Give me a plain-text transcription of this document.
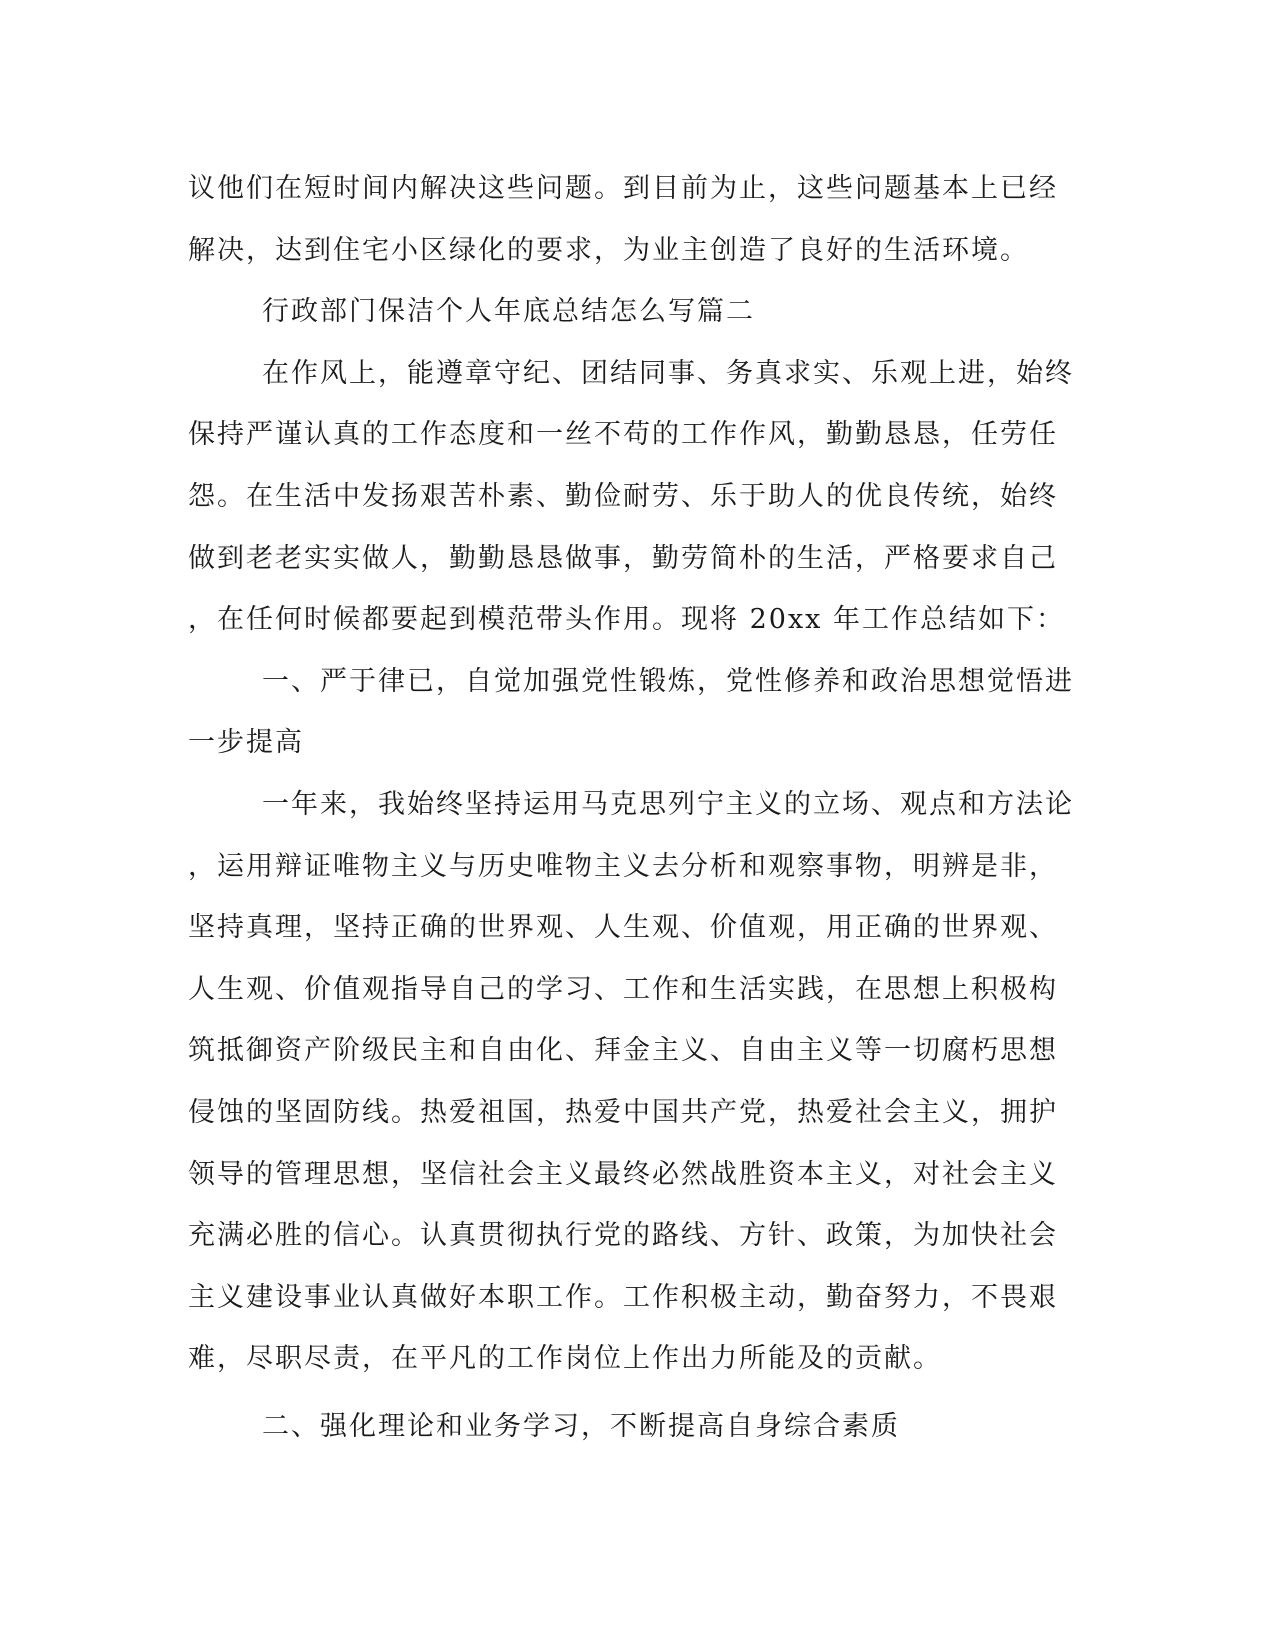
议他们在短时间内解决这些问题。到目前为止，这些问题基本上已经
解决，达到住宅小区绿化的要求，为业主创造了良好的生活环境。
行政部门保洁个人年底总结怎么写篇二
在作风上，能遵章守纪、团结同事、务真求实、乐观上进，始终
保持严谨认真的工作态度和一丝不苟的工作作风，勤勤恳恳，任劳任
怨。在生活中发扬艰苦朴素、勤俭耐劳、乐于助人的优良传统，始终
做到老老实实做人，勤勤恳恳做事，勤劳简朴的生活，严格要求自己
，在任何时候都要起到模范带头作用。现将 20xx 年工作总结如下：
一、严于律已，自觉加强党性锻炼，党性修养和政治思想觉悟进
一步提高
一年来，我始终坚持运用马克思列宁主义的立场、观点和方法论
，运用辩证唯物主义与历史唯物主义去分析和观察事物，明辨是非，
坚持真理，坚持正确的世界观、人生观、价值观，用正确的世界观、
人生观、价值观指导自己的学习、工作和生活实践，在思想上积极构
筑抵御资产阶级民主和自由化、拜金主义、自由主义等一切腐朽思想
侵蚀的坚固防线。热爱祖国，热爱中国共产党，热爱社会主义，拥护
领导的管理思想，坚信社会主义最终必然战胜资本主义，对社会主义
充满必胜的信心。认真贯彻执行党的路线、方针、政策，为加快社会
主义建设事业认真做好本职工作。工作积极主动，勤奋努力，不畏艰
难，尽职尽责，在平凡的工作岗位上作出力所能及的贡献。
二、强化理论和业务学习，不断提高自身综合素质
